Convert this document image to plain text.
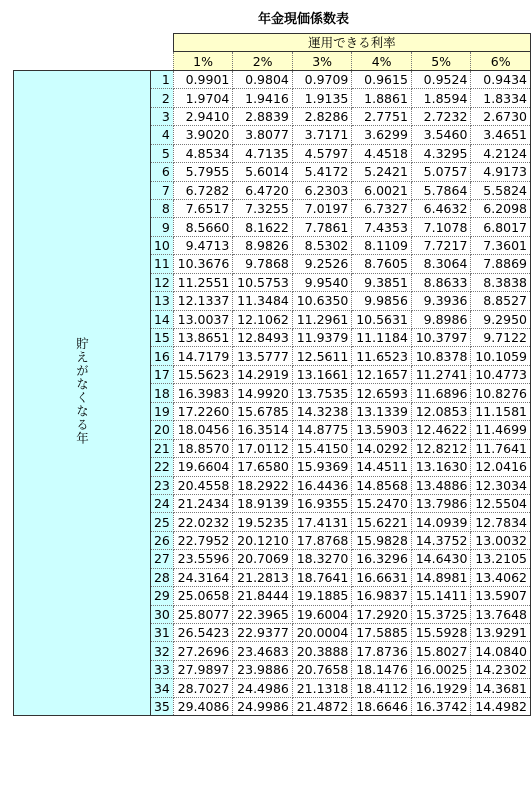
年金現価係数表
		運用できる利率					
		1%	2%	3%	4%	5%	6%
貯えがなくなる年	1	0.9901	0.9804	0.9709	0.9615	0.9524	0.9434
	2	1.9704	1.9416	1.9135	1.8861	1.8594	1.8334
	3	2.9410	2.8839	2.8286	2.7751	2.7232	2.6730
	4	3.9020	3.8077	3.7171	3.6299	3.5460	3.4651
	5	4.8534	4.7135	4.5797	4.4518	4.3295	4.2124
	6	5.7955	5.6014	5.4172	5.2421	5.0757	4.9173
	7	6.7282	6.4720	6.2303	6.0021	5.7864	5.5824
	8	7.6517	7.3255	7.0197	6.7327	6.4632	6.2098
	9	8.5660	8.1622	7.7861	7.4353	7.1078	6.8017
	10	9.4713	8.9826	8.5302	8.1109	7.7217	7.3601
	11	10.3676	9.7868	9.2526	8.7605	8.3064	7.8869
	12	11.2551	10.5753	9.9540	9.3851	8.8633	8.3838
	13	12.1337	11.3484	10.6350	9.9856	9.3936	8.8527
	14	13.0037	12.1062	11.2961	10.5631	9.8986	9.2950
	15	13.8651	12.8493	11.9379	11.1184	10.3797	9.7122
	16	14.7179	13.5777	12.5611	11.6523	10.8378	10.1059
	17	15.5623	14.2919	13.1661	12.1657	11.2741	10.4773
	18	16.3983	14.9920	13.7535	12.6593	11.6896	10.8276
	19	17.2260	15.6785	14.3238	13.1339	12.0853	11.1581
	20	18.0456	16.3514	14.8775	13.5903	12.4622	11.4699
	21	18.8570	17.0112	15.4150	14.0292	12.8212	11.7641
	22	19.6604	17.6580	15.9369	14.4511	13.1630	12.0416
	23	20.4558	18.2922	16.4436	14.8568	13.4886	12.3034
	24	21.2434	18.9139	16.9355	15.2470	13.7986	12.5504
	25	22.0232	19.5235	17.4131	15.6221	14.0939	12.7834
	26	22.7952	20.1210	17.8768	15.9828	14.3752	13.0032
	27	23.5596	20.7069	18.3270	16.3296	14.6430	13.2105
	28	24.3164	21.2813	18.7641	16.6631	14.8981	13.4062
	29	25.0658	21.8444	19.1885	16.9837	15.1411	13.5907
	30	25.8077	22.3965	19.6004	17.2920	15.3725	13.7648
	31	26.5423	22.9377	20.0004	17.5885	15.5928	13.9291
	32	27.2696	23.4683	20.3888	17.8736	15.8027	14.0840
	33	27.9897	23.9886	20.7658	18.1476	16.0025	14.2302
	34	28.7027	24.4986	21.1318	18.4112	16.1929	14.3681
	35	29.4086	24.9986	21.4872	18.6646	16.3742	14.4982
